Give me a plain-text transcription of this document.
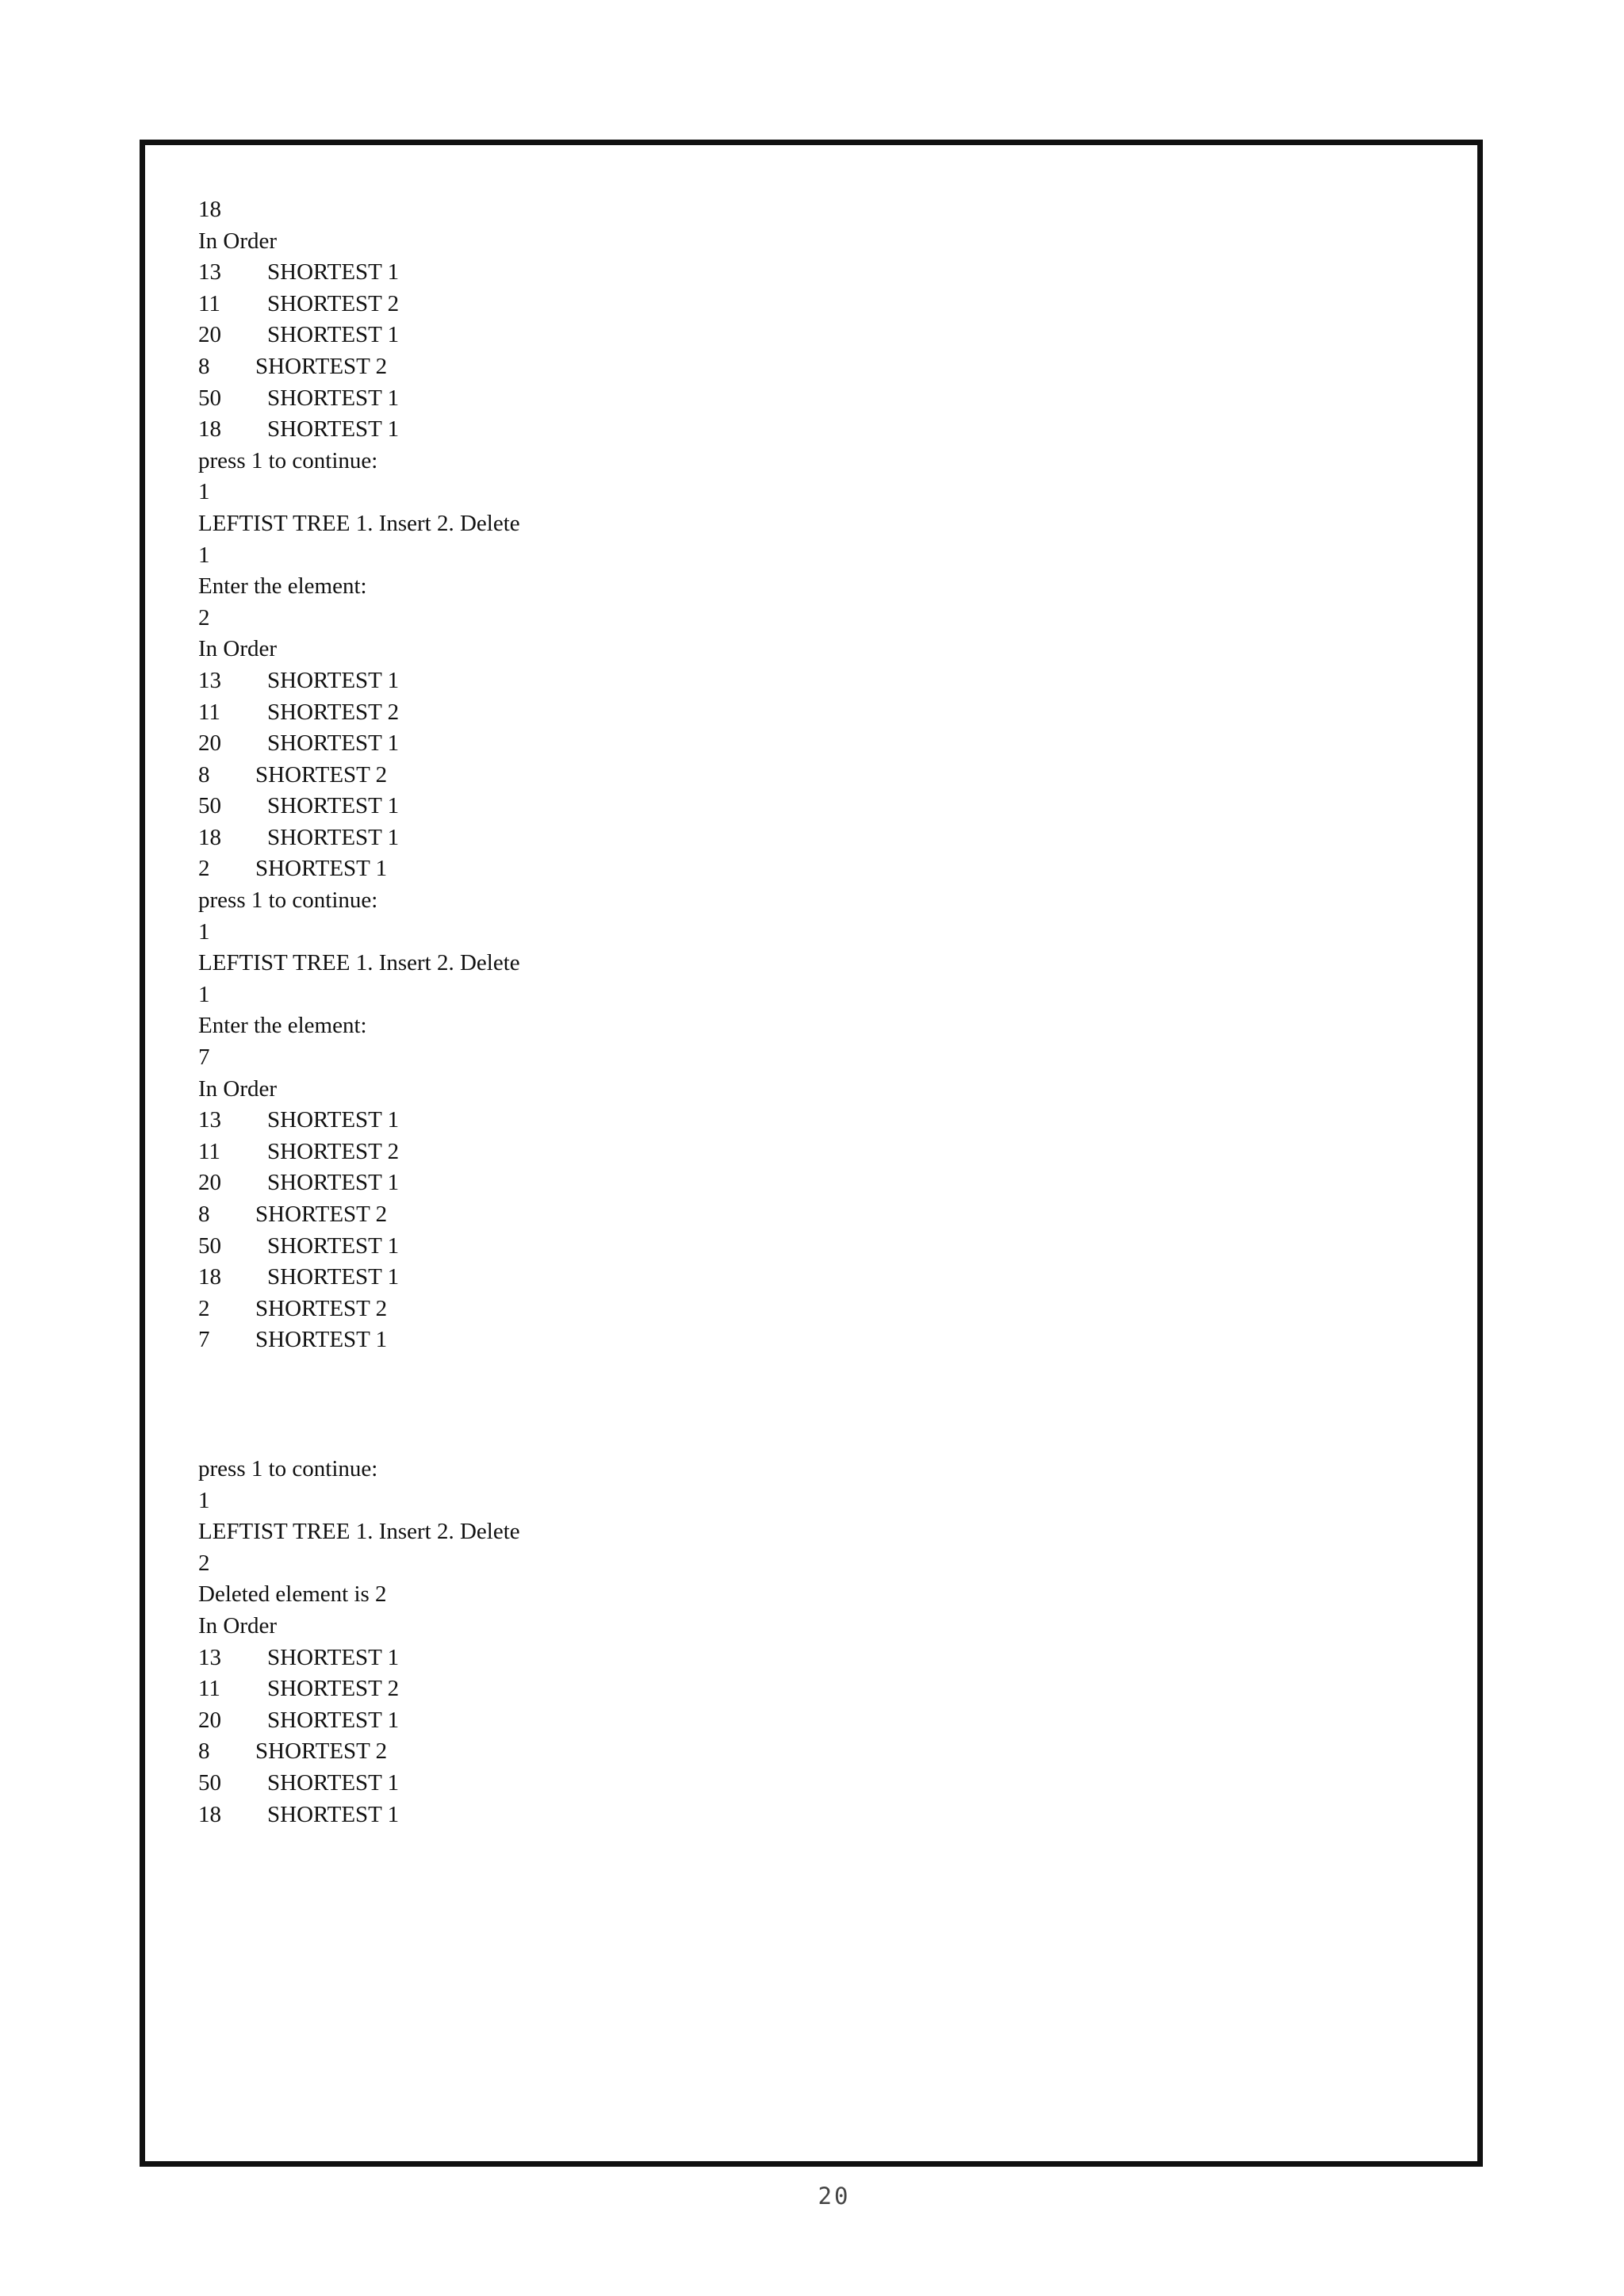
18
In Order
13	SHORTEST 1
11	SHORTEST 2
20	SHORTEST 1
8	SHORTEST 2
50	SHORTEST 1
18	SHORTEST 1
press 1 to continue:
1
LEFTIST TREE 1. Insert 2. Delete
1
Enter the element:
2
In Order
13	SHORTEST 1
11	SHORTEST 2
20	SHORTEST 1
8	SHORTEST 2
50	SHORTEST 1
18	SHORTEST 1
2	SHORTEST 1
press 1 to continue:
1
LEFTIST TREE 1. Insert 2. Delete
1
Enter the element:
7
In Order
13	SHORTEST 1
11	SHORTEST 2
20	SHORTEST 1
8	SHORTEST 2
50	SHORTEST 1
18	SHORTEST 1
2	SHORTEST 2
7	SHORTEST 1
press 1 to continue:
1
LEFTIST TREE 1. Insert 2. Delete
2
Deleted element is 2
In Order
13	SHORTEST 1
11	SHORTEST 2
20	SHORTEST 1
8	SHORTEST 2
50	SHORTEST 1
18	SHORTEST 1
20
